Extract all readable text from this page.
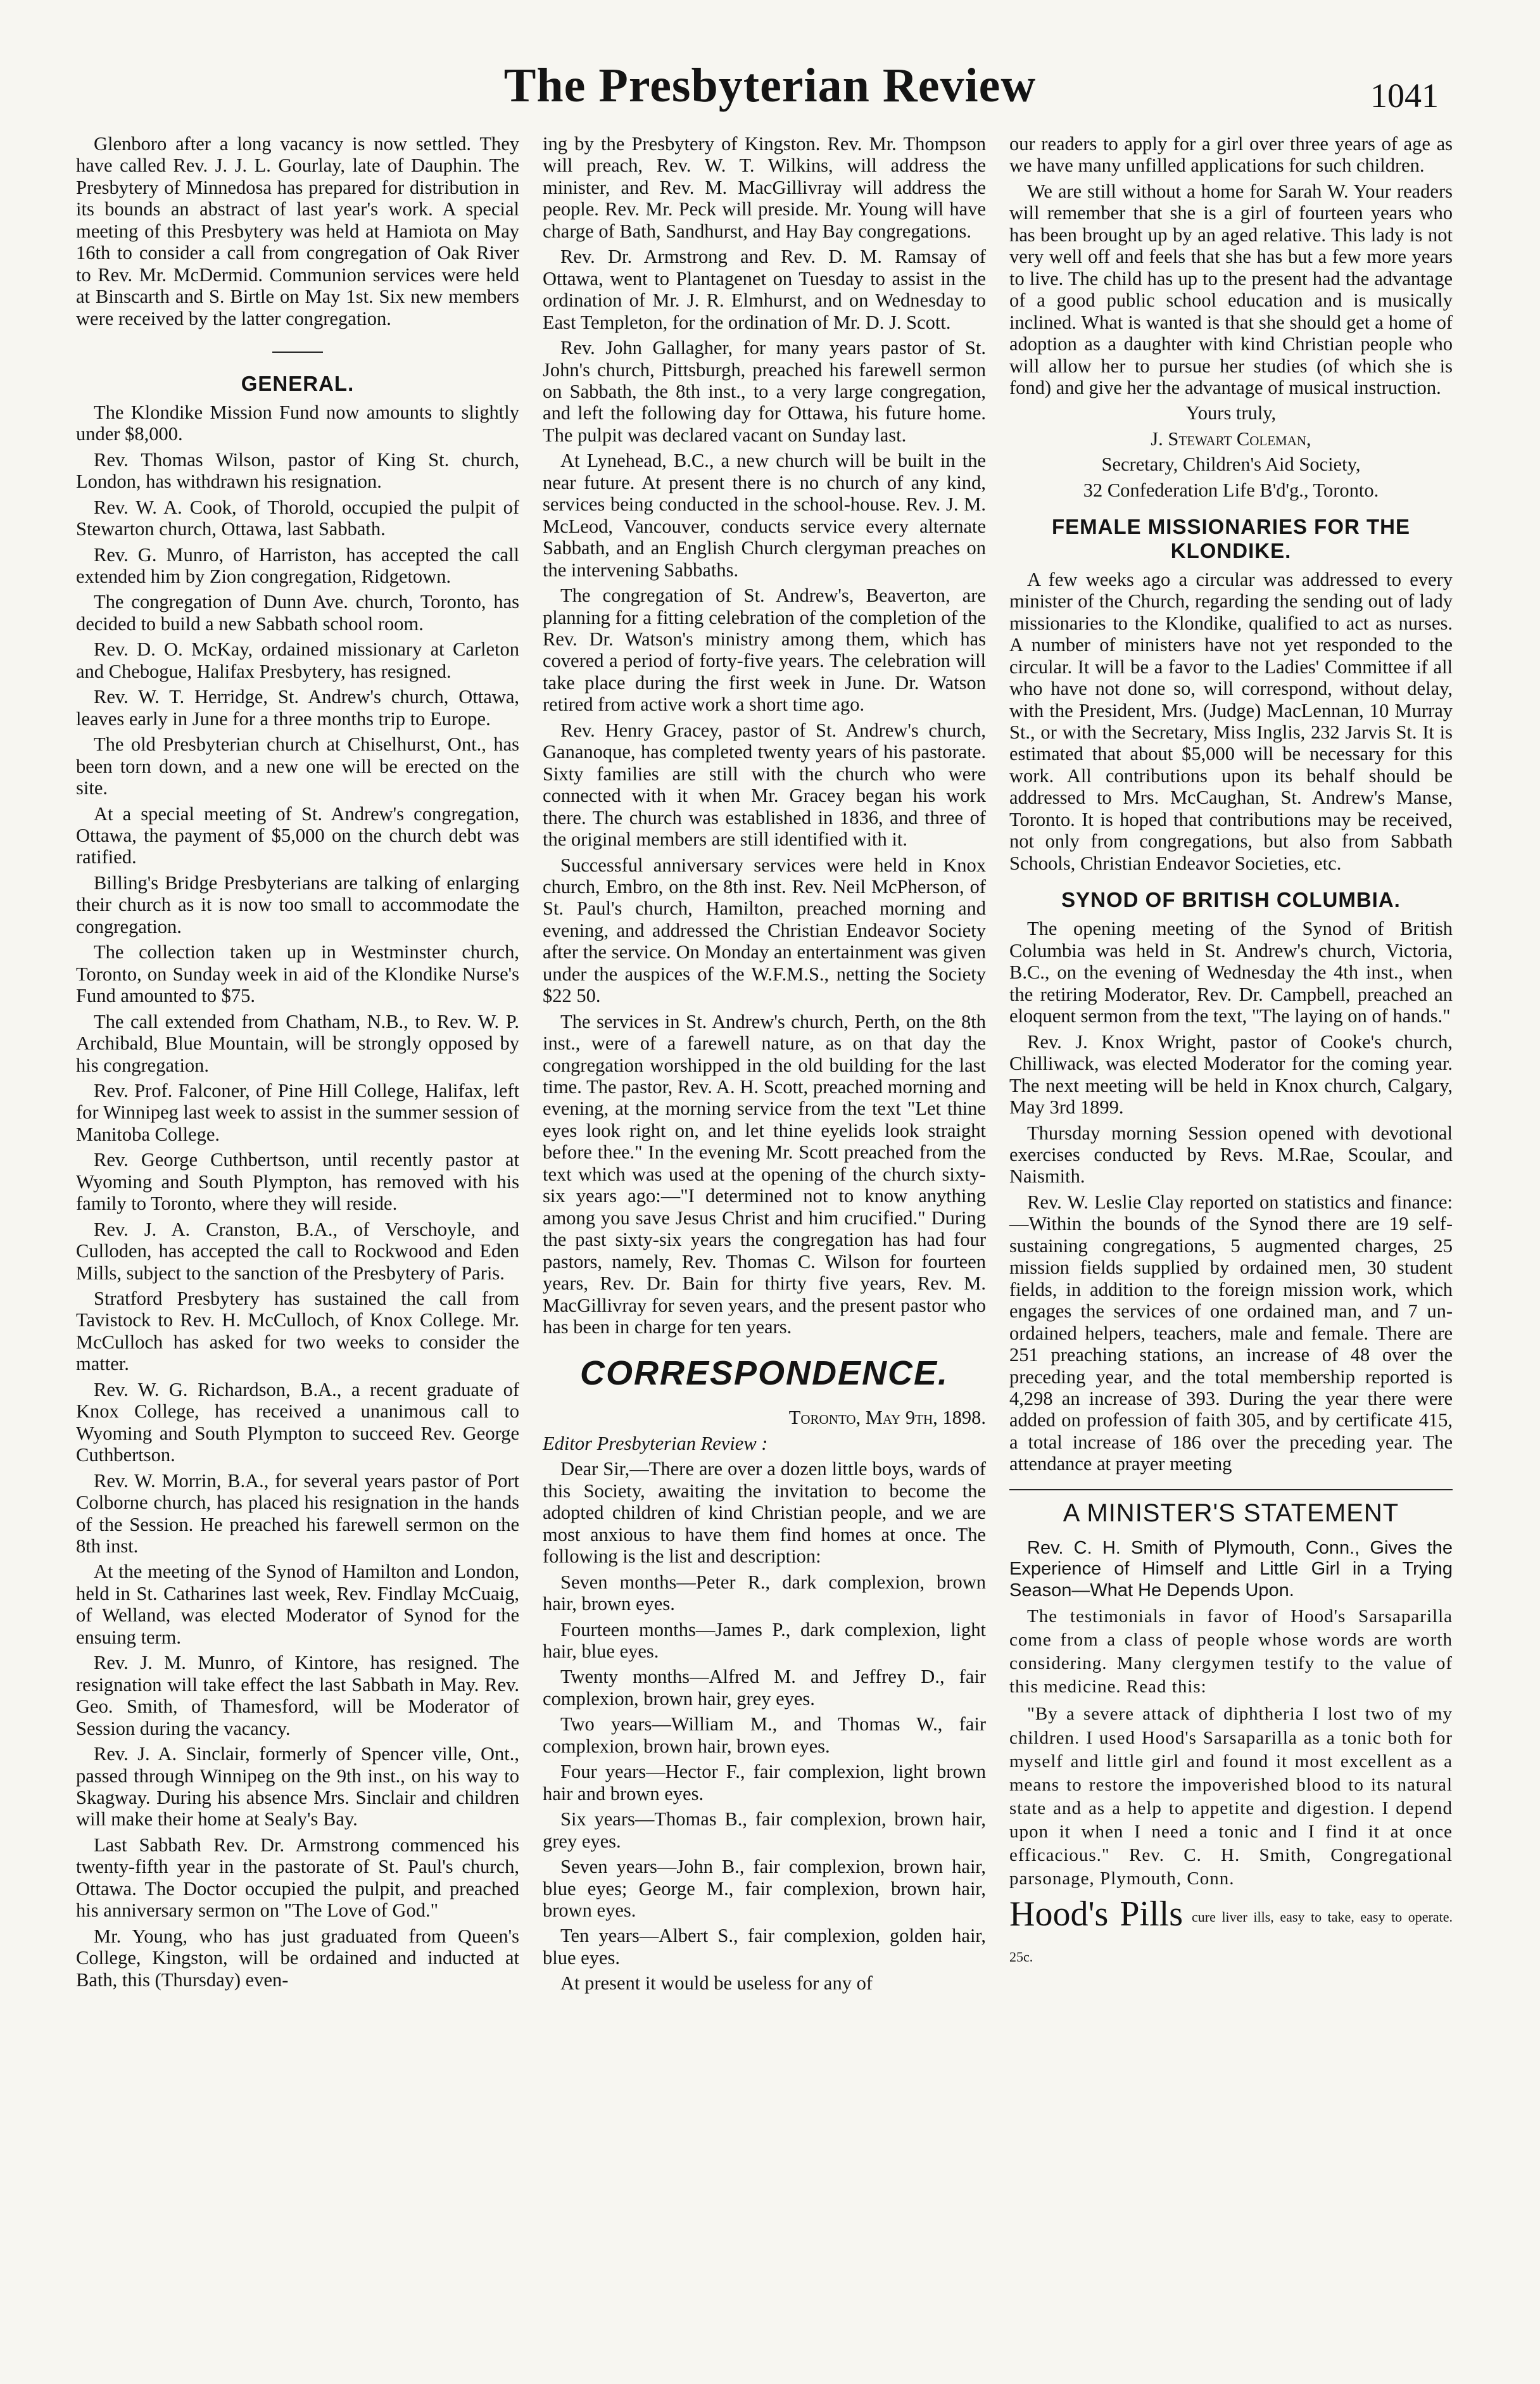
The Presbyterian Review	1041

Glenboro after a long vacancy is now settled. They have called Rev. J. J. L. Gourlay, late of Dauphin. The Presbytery of Minnedosa has prepared for distribution in its bounds an abstract of last year's work. A special meeting of this Presbytery was held at Hamiota on May 16th to consider a call from congregation of Oak River to Rev. Mr. McDermid. Communion services were held at Binscarth and S. Birtle on May 1st. Six new members were received by the latter congregation.

GENERAL.

The Klondike Mission Fund now amounts to slightly under $8,000.

Rev. Thomas Wilson, pastor of King St. church, London, has withdrawn his resignation.

Rev. W. A. Cook, of Thorold, occupied the pulpit of Stewarton church, Ottawa, last Sabbath.

Rev. G. Munro, of Harriston, has accepted the call extended him by Zion congregation, Ridgetown.

The congregation of Dunn Ave. church, Toronto, has decided to build a new Sabbath school room.

Rev. D. O. McKay, ordained missionary at Carleton and Chebogue, Halifax Presbytery, has resigned.

Rev. W. T. Herridge, St. Andrew's church, Ottawa, leaves early in June for a three months trip to Europe.

The old Presbyterian church at Chiselhurst, Ont., has been torn down, and a new one will be erected on the site.

At a special meeting of St. Andrew's congregation, Ottawa, the payment of $5,000 on the church debt was ratified.

Billing's Bridge Presbyterians are talking of enlarging their church as it is now too small to accommodate the congregation.

The collection taken up in Westminster church, Toronto, on Sunday week in aid of the Klondike Nurse's Fund amounted to $75.

The call extended from Chatham, N.B., to Rev. W. P. Archibald, Blue Mountain, will be strongly opposed by his congregation.

Rev. Prof. Falconer, of Pine Hill College, Halifax, left for Winnipeg last week to assist in the summer session of Manitoba College.

Rev. George Cuthbertson, until recently pastor at Wyoming and South Plympton, has removed with his family to Toronto, where they will reside.

Rev. J. A. Cranston, B.A., of Verschoyle, and Culloden, has accepted the call to Rockwood and Eden Mills, subject to the sanction of the Presbytery of Paris.

Stratford Presbytery has sustained the call from Tavistock to Rev. H. McCulloch, of Knox College. Mr. McCulloch has asked for two weeks to consider the matter.

Rev. W. G. Richardson, B.A., a recent graduate of Knox College, has received a unanimous call to Wyoming and South Plympton to succeed Rev. George Cuthbertson.

Rev. W. Morrin, B.A., for several years pastor of Port Colborne church, has placed his resignation in the hands of the Session. He preached his farewell sermon on the 8th inst.

At the meeting of the Synod of Hamilton and London, held in St. Catharines last week, Rev. Findlay McCuaig, of Welland, was elected Moderator of Synod for the ensuing term.

Rev. J. M. Munro, of Kintore, has resigned. The resignation will take effect the last Sabbath in May. Rev. Geo. Smith, of Thamesford, will be Moderator of Session during the vacancy.

Rev. J. A. Sinclair, formerly of Spencer ville, Ont., passed through Winnipeg on the 9th inst., on his way to Skagway. During his absence Mrs. Sinclair and children will make their home at Sealy's Bay.

Last Sabbath Rev. Dr. Armstrong commenced his twenty-fifth year in the pastorate of St. Paul's church, Ottawa. The Doctor occupied the pulpit, and preached his anniversary sermon on "The Love of God."

Mr. Young, who has just graduated from Queen's College, Kingston, will be ordained and inducted at Bath, this (Thursday) even-

ing by the Presbytery of Kingston. Rev. Mr. Thompson will preach, Rev. W. T. Wilkins, will address the minister, and Rev. M. MacGillivray will address the people. Rev. Mr. Peck will preside. Mr. Young will have charge of Bath, Sandhurst, and Hay Bay congregations.

Rev. Dr. Armstrong and Rev. D. M. Ramsay of Ottawa, went to Plantagenet on Tuesday to assist in the ordination of Mr. J. R. Elmhurst, and on Wednesday to East Templeton, for the ordination of Mr. D. J. Scott.

Rev. John Gallagher, for many years pastor of St. John's church, Pittsburgh, preached his farewell sermon on Sabbath, the 8th inst., to a very large congregation, and left the following day for Ottawa, his future home. The pulpit was declared vacant on Sunday last.

At Lynehead, B.C., a new church will be built in the near future. At present there is no church of any kind, services being conducted in the school-house. Rev. J. M. McLeod, Vancouver, conducts service every alternate Sabbath, and an English Church clergyman preaches on the intervening Sabbaths.

The congregation of St. Andrew's, Beaverton, are planning for a fitting celebration of the completion of the Rev. Dr. Watson's ministry among them, which has covered a period of forty-five years. The celebration will take place during the first week in June. Dr. Watson retired from active work a short time ago.

Rev. Henry Gracey, pastor of St. Andrew's church, Gananoque, has completed twenty years of his pastorate. Sixty families are still with the church who were connected with it when Mr. Gracey began his work there. The church was established in 1836, and three of the original members are still identified with it.

Successful anniversary services were held in Knox church, Embro, on the 8th inst. Rev. Neil McPherson, of St. Paul's church, Hamilton, preached morning and evening, and addressed the Christian Endeavor Society after the service. On Monday an entertainment was given under the auspices of the W.F.M.S., netting the Society $22 50.

The services in St. Andrew's church, Perth, on the 8th inst., were of a farewell nature, as on that day the congregation worshipped in the old building for the last time. The pastor, Rev. A. H. Scott, preached morning and evening, at the morning service from the text "Let thine eyes look right on, and let thine eyelids look straight before thee." In the evening Mr. Scott preached from the text which was used at the opening of the church sixty-six years ago:—"I determined not to know anything among you save Jesus Christ and him crucified." During the past sixty-six years the congregation has had four pastors, namely, Rev. Thomas C. Wilson for fourteen years, Rev. Dr. Bain for thirty five years, Rev. M. MacGillivray for seven years, and the present pastor who has been in charge for ten years.

CORRESPONDENCE.

Toronto, May 9th, 1898.

Editor Presbyterian Review :

Dear Sir,—There are over a dozen little boys, wards of this Society, awaiting the invitation to become the adopted children of kind Christian people, and we are most anxious to have them find homes at once. The following is the list and description:

Seven months—Peter R., dark complexion, brown hair, brown eyes.

Fourteen months—James P., dark complexion, light hair, blue eyes.

Twenty months—Alfred M. and Jeffrey D., fair complexion, brown hair, grey eyes.

Two years—William M., and Thomas W., fair complexion, brown hair, brown eyes.

Four years—Hector F., fair complexion, light brown hair and brown eyes.

Six years—Thomas B., fair complexion, brown hair, grey eyes.

Seven years—John B., fair complexion, brown hair, blue eyes; George M., fair complexion, brown hair, brown eyes.

Ten years—Albert S., fair complexion, golden hair, blue eyes.

At present it would be useless for any of

our readers to apply for a girl over three years of age as we have many unfilled applications for such children.

We are still without a home for Sarah W. Your readers will remember that she is a girl of fourteen years who has been brought up by an aged relative. This lady is not very well off and feels that she has but a few more years to live. The child has up to the present had the advantage of a good public school education and is musically inclined. What is wanted is that she should get a home of adoption as a daughter with kind Christian people who will allow her to pursue her studies (of which she is fond) and give her the advantage of musical instruction.

Yours truly,

J. Stewart Coleman,

Secretary, Children's Aid Society,

32 Confederation Life B'd'g., Toronto.

FEMALE MISSIONARIES FOR THE KLONDIKE.

A few weeks ago a circular was addressed to every minister of the Church, regarding the sending out of lady missionaries to the Klondike, qualified to act as nurses. A number of ministers have not yet responded to the circular. It will be a favor to the Ladies' Committee if all who have not done so, will correspond, without delay, with the President, Mrs. (Judge) MacLennan, 10 Murray St., or with the Secretary, Miss Inglis, 232 Jarvis St. It is estimated that about $5,000 will be necessary for this work. All contributions upon its behalf should be addressed to Mrs. McCaughan, St. Andrew's Manse, Toronto. It is hoped that contributions may be received, not only from congregations, but also from Sabbath Schools, Christian Endeavor Societies, etc.

SYNOD OF BRITISH COLUMBIA.

The opening meeting of the Synod of British Columbia was held in St. Andrew's church, Victoria, B.C., on the evening of Wednesday the 4th inst., when the retiring Moderator, Rev. Dr. Campbell, preached an eloquent sermon from the text, "The laying on of hands."

Rev. J. Knox Wright, pastor of Cooke's church, Chilliwack, was elected Moderator for the coming year. The next meeting will be held in Knox church, Calgary, May 3rd 1899.

Thursday morning Session opened with devotional exercises conducted by Revs. M.Rae, Scoular, and Naismith.

Rev. W. Leslie Clay reported on statistics and finance:—Within the bounds of the Synod there are 19 self-sustaining congregations, 5 augmented charges, 25 mission fields supplied by ordained men, 30 student fields, in addition to the foreign mission work, which engages the services of one ordained man, and 7 un-ordained helpers, teachers, male and female. There are 251 preaching stations, an increase of 48 over the preceding year, and the total membership reported is 4,298 an increase of 393. During the year there were added on profession of faith 305, and by certificate 415, a total increase of 186 over the preceding year. The attendance at prayer meeting

A MINISTER'S STATEMENT

Rev. C. H. Smith of Plymouth, Conn., Gives the Experience of Himself and Little Girl in a Trying Season—What He Depends Upon.

The testimonials in favor of Hood's Sarsaparilla come from a class of people whose words are worth considering. Many clergymen testify to the value of this medicine. Read this:

"By a severe attack of diphtheria I lost two of my children. I used Hood's Sarsaparilla as a tonic both for myself and little girl and found it most excellent as a means to restore the impoverished blood to its natural state and as a help to appetite and digestion. I depend upon it when I need a tonic and I find it at once efficacious." Rev. C. H. Smith, Congregational parsonage, Plymouth, Conn.

Hood's Pills cure liver ills, easy to take, easy to operate. 25c.
